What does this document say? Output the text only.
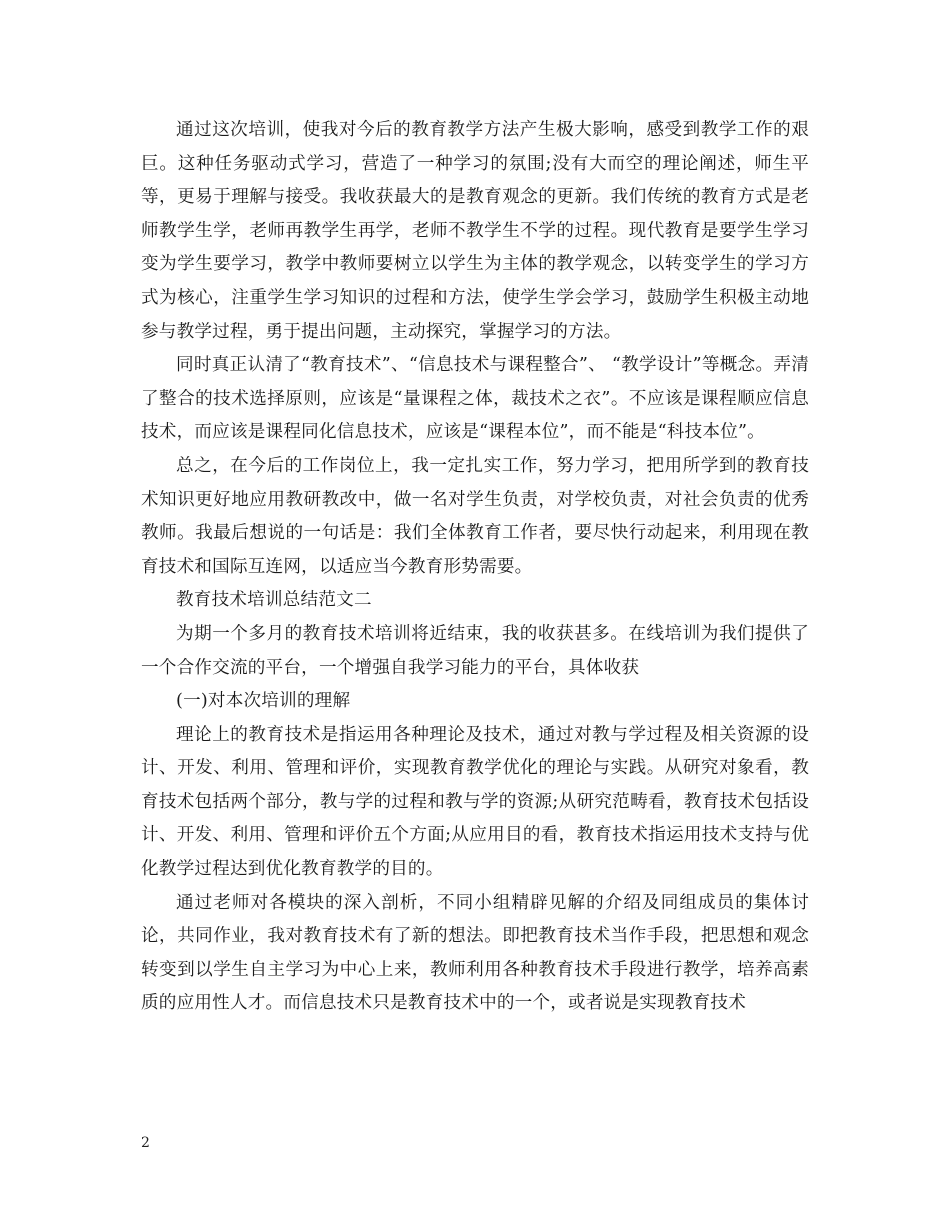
通过这次培训，使我对今后的教育教学方法产生极大影响，感受到教学工作的艰巨。这种任务驱动式学习，营造了一种学习的氛围;没有大而空的理论阐述，师生平等，更易于理解与接受。我收获最大的是教育观念的更新。我们传统的教育方式是老师教学生学，老师再教学生再学，老师不教学生不学的过程。现代教育是要学生学习变为学生要学习，教学中教师要树立以学生为主体的教学观念，以转变学生的学习方式为核心，注重学生学习知识的过程和方法，使学生学会学习，鼓励学生积极主动地参与教学过程，勇于提出问题，主动探究，掌握学习的方法。

同时真正认清了“教育技术”、“信息技术与课程整合”、 “教学设计”等概念。弄清了整合的技术选择原则，应该是“量课程之体，裁技术之衣”。不应该是课程顺应信息技术，而应该是课程同化信息技术，应该是“课程本位”，而不能是“科技本位”。

总之，在今后的工作岗位上，我一定扎实工作，努力学习，把用所学到的教育技术知识更好地应用教研教改中，做一名对学生负责，对学校负责，对社会负责的优秀教师。我最后想说的一句话是：我们全体教育工作者，要尽快行动起来，利用现在教育技术和国际互连网，以适应当今教育形势需要。

教育技术培训总结范文二

为期一个多月的教育技术培训将近结束，我的收获甚多。在线培训为我们提供了一个合作交流的平台，一个增强自我学习能力的平台，具体收获

(一)对本次培训的理解

理论上的教育技术是指运用各种理论及技术，通过对教与学过程及相关资源的设计、开发、利用、管理和评价，实现教育教学优化的理论与实践。从研究对象看，教育技术包括两个部分，教与学的过程和教与学的资源;从研究范畴看，教育技术包括设计、开发、利用、管理和评价五个方面;从应用目的看，教育技术指运用技术支持与优化教学过程达到优化教育教学的目的。

通过老师对各模块的深入剖析，不同小组精辟见解的介绍及同组成员的集体讨论，共同作业，我对教育技术有了新的想法。即把教育技术当作手段，把思想和观念转变到以学生自主学习为中心上来，教师利用各种教育技术手段进行教学，培养高素质的应用性人才。而信息技术只是教育技术中的一个，或者说是实现教育技术

2
